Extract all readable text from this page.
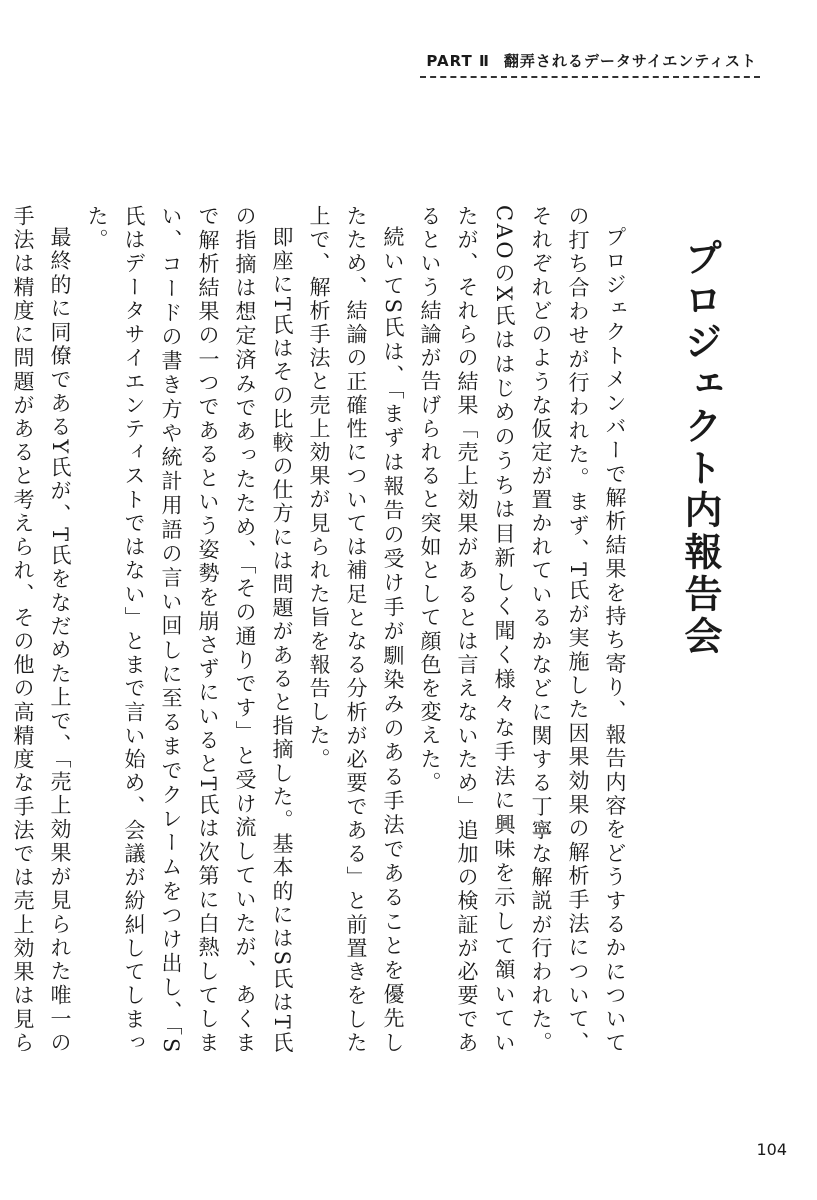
PART Ⅱ 翻弄されるデータサイエンティスト
プロジェクト内報告会

プロジェクトメンバーで解析結果を持ち寄り、報告内容をどうするかについての打ち合わせが行われた。まず、T氏が実施した因果効果の解析手法について、それぞれどのような仮定が置かれているかなどに関する丁寧な解説が行われた。CAOのX氏ははじめのうちは目新しく聞く様々な手法に興味を示して頷いていたが、それらの結果「売上効果があるとは言えないため」追加の検証が必要であるという結論が告げられると突如として顔色を変えた。

続いてS氏は、「まずは報告の受け手が馴染みのある手法であることを優先したため、結論の正確性については補足となる分析が必要である」と前置きをした上で、解析手法と売上効果が見られた旨を報告した。

即座にT氏はその比較の仕方には問題があると指摘した。基本的にはS氏はT氏の指摘は想定済みであったため、「その通りです」と受け流していたが、あくまで解析結果の一つであるという姿勢を崩さずにいるとT氏は次第に白熱してしまい、コードの書き方や統計用語の言い回しに至るまでクレームをつけ出し、「S氏はデータサイエンティストではない」とまで言い始め、会議が紛糾してしまった。

最終的に同僚であるY氏が、T氏をなだめた上で、「売上効果が見られた唯一の手法は精度に問題があると考えられ、その他の高精度な手法では売上効果は見ら

104
